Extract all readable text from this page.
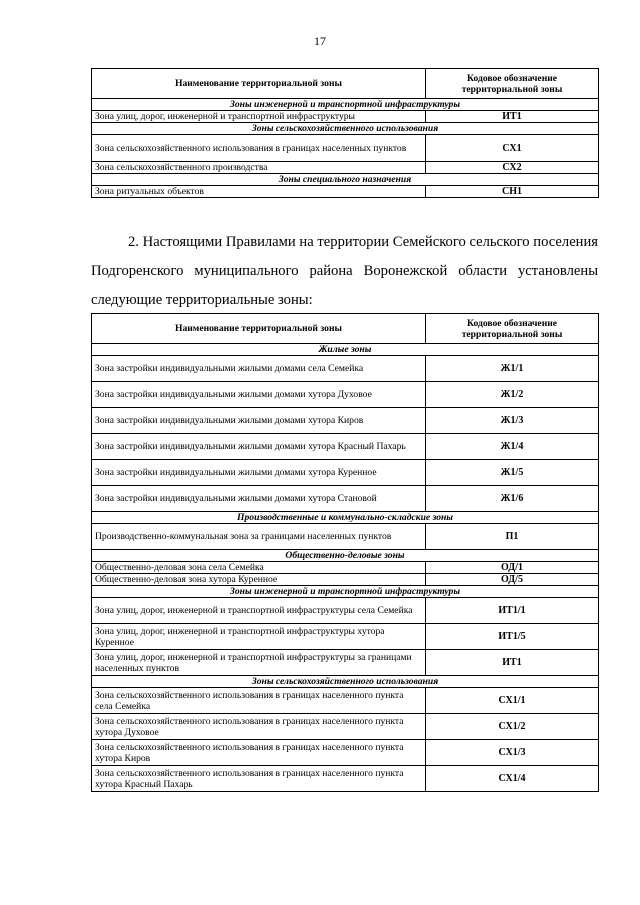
17
Наименование территориальной зоны	Кодовое обозначение территориальной зоны
Зоны инженерной и транспортной инфраструктуры	
Зона улиц, дорог, инженерной и транспортной инфраструктуры	ИТ1
Зоны сельскохозяйственного использования	
Зона сельскохозяйственного использования в границах населенных пунктов	СХ1
Зона сельскохозяйственного производства	СХ2
Зоны специального назначения	
Зона ритуальных объектов	СН1
2. Настоящими Правилами на территории Семейского сельского поселения Подгоренского муниципального района Воронежской области установлены следующие территориальные зоны:
Наименование территориальной зоны	Кодовое обозначение территориальной зоны
Жилые зоны	
Зона застройки индивидуальными жилыми домами села Семейка	Ж1/1
Зона застройки индивидуальными жилыми домами хутора Духовое	Ж1/2
Зона застройки индивидуальными жилыми домами хутора Киров	Ж1/3
Зона застройки индивидуальными жилыми домами хутора Красный Пахарь	Ж1/4
Зона застройки индивидуальными жилыми домами хутора Куренное	Ж1/5
Зона застройки индивидуальными жилыми домами хутора Становой	Ж1/6
Производственные и коммунально-складские зоны	
Производственно-коммунальная зона за границами населенных пунктов	П1
Общественно-деловые зоны	
Общественно-деловая зона села Семейка	ОД/1
Общественно-деловая зона хутора Куренное	ОД/5
Зоны инженерной и транспортной инфраструктуры	
Зона улиц, дорог, инженерной и транспортной инфраструктуры села Семейка	ИТ1/1
Зона улиц, дорог, инженерной и транспортной инфраструктуры хутора Куренное	ИТ1/5
Зона улиц, дорог, инженерной и транспортной инфраструктуры за границами населенных пунктов	ИТ1
Зоны сельскохозяйственного использования	
Зона сельскохозяйственного использования в границах населенного пункта села Семейка	СХ1/1
Зона сельскохозяйственного использования в границах населенного пункта хутора Духовое	СХ1/2
Зона сельскохозяйственного использования в границах населенного пункта хутора Киров	СХ1/3
Зона сельскохозяйственного использования в границах населенного пункта хутора Красный Пахарь	СХ1/4
